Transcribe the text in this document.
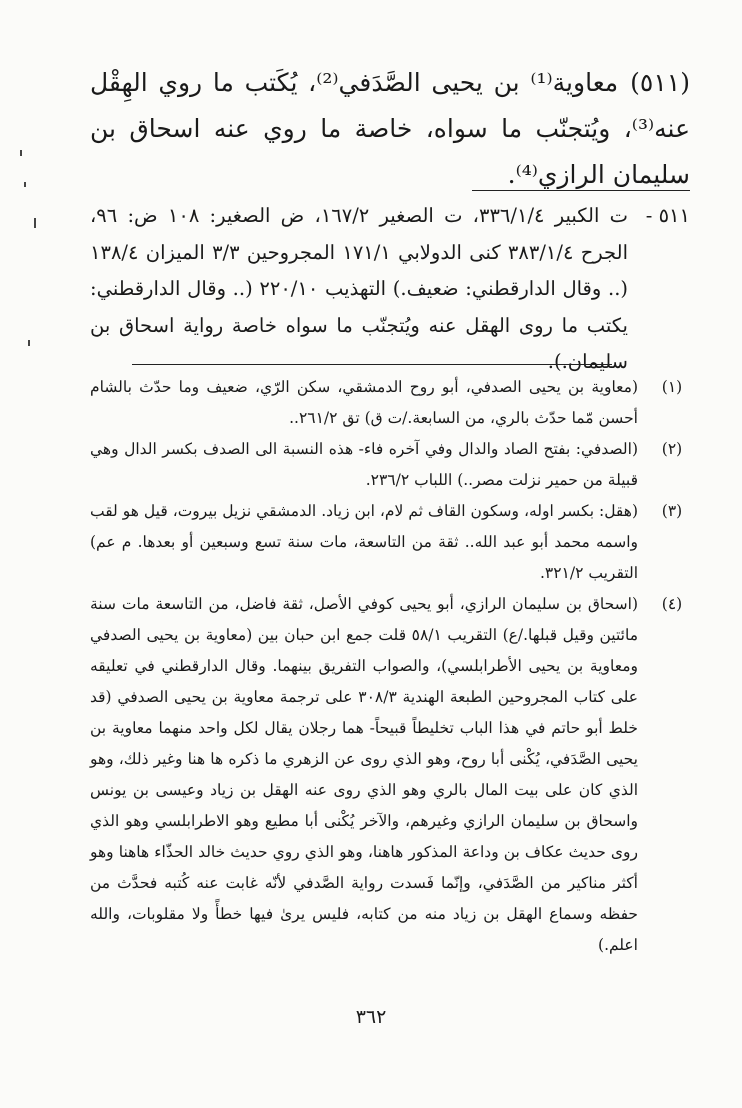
(٥١١)معاوية⁽¹⁾ بن يحيى الصَّدَفي⁽²⁾، يُكَتب ما روي الهِقْل عنه⁽³⁾، ويُتجنّب ما سواه، خاصة ما روي عنه اسحاق بن سليمان الرازي⁽⁴⁾.
٥١١ -
ت الكبير ٣٣٦/١/٤، ت الصغير ١٦٧/٢، ض الصغير: ١٠٨ ض: ٩٦، الجرح ٣٨٣/١/٤ كنى الدولابي ١٧١/١ المجروحين ٣/٣ الميزان ١٣٨/٤ (.. وقال الدارقطني: ضعيف.) التهذيب ٢٢٠/١٠ (.. وقال الدارقطني: يكتب ما روى الهقل عنه ويُتجنّب ما سواه خاصة رواية اسحاق بن سليمان.).
(١)
(معاوية بن يحيى الصدفي، أبو روح الدمشقي، سكن الرّي، ضعيف وما حدّث بالشام أحسن مّما حدّث بالري، من السابعة./ت ق) تق ٢٦١/٢..
(٢)
(الصدفي: بفتح الصاد والدال وفي آخره فاء- هذه النسبة الى الصدف بكسر الدال وهي قبيلة من حمير نزلت مصر..) اللباب ٢٣٦/٢.
(٣)
(هقل: بكسر اوله، وسكون القاف ثم لام، ابن زياد. الدمشقي نزيل بيروت، قيل هو لقب واسمه محمد أبو عبد الله.. ثقة من التاسعة، مات سنة تسع وسبعين أو بعدها. م عم) التقريب ٣٢١/٢.
(٤)
(اسحاق بن سليمان الرازي، أبو يحيى كوفي الأصل، ثقة فاضل، من التاسعة مات سنة مائتين وقيل قبلها./ع) التقريب ٥٨/١ قلت جمع ابن حبان بين (معاوية بن يحيى الصدفي ومعاوية بن يحيى الأطرابلسي)، والصواب التفريق بينهما. وقال الدارقطني في تعليقه على كتاب المجروحين الطبعة الهندية ٣٠٨/٣ على ترجمة معاوية بن يحيى الصدفي (قد خلط أبو حاتم في هذا الباب تخليطاً قبيحاً- هما رجلان يقال لكل واحد منهما معاوية بن يحيى الصَّدَفي، يُكْنى أبا روح، وهو الذي روى عن الزهري ما ذكره ها هنا وغير ذلك، وهو الذي كان على بيت المال بالري وهو الذي روى عنه الهقل بن زياد وعيسى بن يونس واسحاق بن سليمان الرازي وغيرهم، والآخر يُكْنى أبا مطيع وهو الاطرابلسي وهو الذي روى حديث عكاف بن وداعة المذكور هاهنا، وهو الذي روي حديث خالد الحذّاء هاهنا وهو أكثر مناكير من الصَّدَفي، وإنّما فَسدت رواية الصَّدفي لأنّه غابت عنه كُتبه فحدَّث من حفظه وسماع الهقل بن زياد منه من كتابه، فليس يرىٰ فيها خطأً ولا مقلوبات، والله اعلم.)
٣٦٢
